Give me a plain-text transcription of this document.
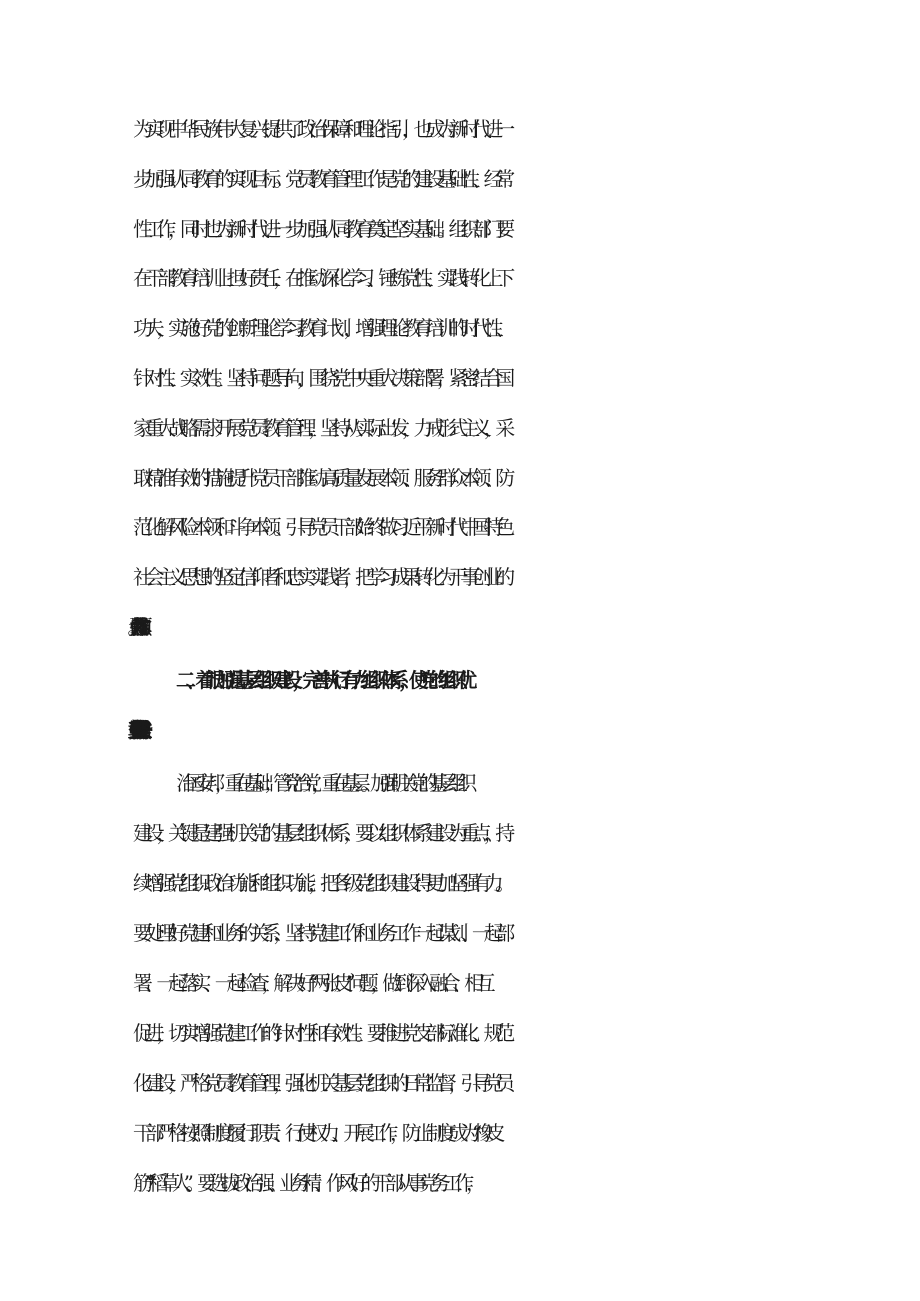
为实现中华民族伟大复兴提供了政治保障和理论指引，也成为新时代进一
步加强认同教育的实现目标。党员教育管理工作是党的建设基础性、经常
性工作，同时也为新时代进一步加强认同教育奠定坚实基础。组织部门要
在干部教育培训上担好责任，在推动深化学习、锤炼党性、实践转化上下
功夫，实施好党的创新理论学习教育计划，增强理论教育培训的时代性、
针对性、实效性。坚持问题导向，围绕党中央重大决策部署，紧密结合国
家重大战略需求开展党员教育管理，坚持从实际出发，力戒形式主义，采
取精准有效的措施提升党员干部推动高质量发展本领、服务群众本领、防
范化解风险本领和斗争本领。引导党员干部始终做习近平新时代中国特色
社会主义思想的坚定信仰者和忠实实践者，把学习成果转化为干事创业的
二、着眼加强基层组织建设，完善执行有力组织体系，使党的组织优
治国安邦，重在基础；管党治党，重在基层。加强机关党的基层组织
建设，关键是建强机关党的基层组织体系，要以组织体系建设为重点，持
续增强党组织政治功能和组织功能，把各级党组织建设得更加坚强有力。
要处理好党建和业务的关系，坚持党建工作和业务工作一起谋划、一起部
署、一起落实、一起检查，解决好“两张皮”问题，做到深入融合、相互
促进，切实增强党建工作的针对性和有效性。要推进党支部标准化、规范
化建设，严格党员教育管理，强化机关基层党组织的日常监督，引导党员
干部严格按照制度履行职责、行使权力、开展工作，防止制度成为“橡皮
筋”“稻草人”。要选拔政治强、业务精、作风好的干部从事党务工作，
